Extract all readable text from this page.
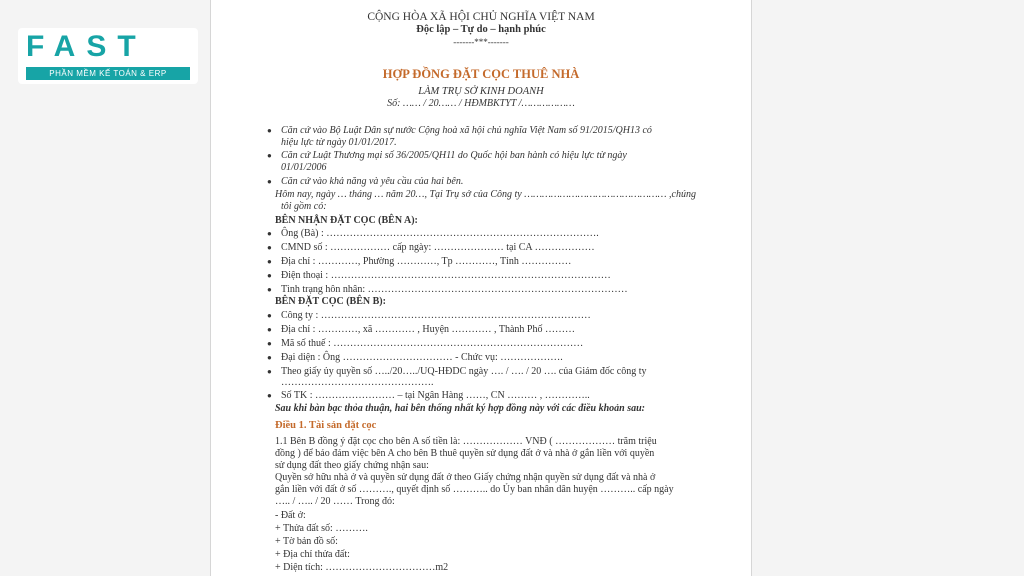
FAST
PHẦN MỀM KẾ TOÁN & ERP
CỘNG HÒA XÃ HỘI CHỦ NGHĨA VIỆT NAM
Độc lập – Tự do – hạnh phúc
-------***-------
HỢP ĐỒNG ĐẶT CỌC THUÊ NHÀ
LÀM TRỤ SỞ KINH DOANH
Số: …… / 20…… / HĐMBKTYT /………………
● Căn cứ vào Bộ Luật Dân sự nước Cộng hoà xã hội chủ nghĩa Việt Nam số 91/2015/QH13 có
hiệu lực từ ngày 01/01/2017.
● Căn cứ Luật Thương mại số 36/2005/QH11 do Quốc hội ban hành có hiệu lực từ ngày
01/01/2006
● Căn cứ vào khả năng và yêu cầu của hai bên.
Hôm nay, ngày … tháng … năm 20…, Tại Trụ sở của Công ty ………………………………………… ,chúng
tôi gồm có:
BÊN NHẬN ĐẶT CỌC (BÊN A):
● Ông (Bà) : ……………………………………………………………………….
● CMND số : ……………… cấp ngày: ………………… tại CA ………………
● Địa chỉ : …………, Phường …………, Tp …………, Tỉnh ……………
● Điện thoại : …………………………………………………………………………
● Tình trạng hôn nhân: ……………………………………………………………………
BÊN ĐẶT CỌC (BÊN B):
● Công ty : ………………………………………………………………………
● Địa chỉ : …………, xã ………… , Huyện ………… , Thành Phố ………
● Mã số thuế : …………………………………………………………………
● Đại diện : Ông …………………………… - Chức vụ: ……………….
● Theo giấy ủy quyền số …../20…../UQ-HĐDC ngày …. / …. / 20 …. của Giám đốc công ty
……………………………………….
● Số TK : …………………… – tại Ngân Hàng ……, CN ……… , …………..
Sau khi bàn bạc thỏa thuận, hai bên thống nhất ký hợp đồng này với các điều khoản sau:
Điều 1. Tài sản đặt cọc
1.1 Bên B đồng ý đặt cọc cho bên A số tiền là: ……………… VNĐ ( ……………… trăm triệu
đồng ) để bảo đảm việc bên A cho bên B thuê quyền sử dụng đất ở và nhà ở gắn liền với quyền
sử dụng đất theo giấy chứng nhận sau:
Quyền sở hữu nhà ở và quyền sử dụng đất ở theo Giấy chứng nhận quyền sử dụng đất và nhà ở
gắn liền với đất ở số ………., quyết định số ……….. do Ủy ban nhân dân huyện ……….. cấp ngày
….. / ….. / 20 …… Trong đó:
- Đất ở:
+ Thửa đất số: ……….
+ Tờ bản đồ số:
+ Địa chỉ thửa đất:
+ Diện tích: ……………………………m2
